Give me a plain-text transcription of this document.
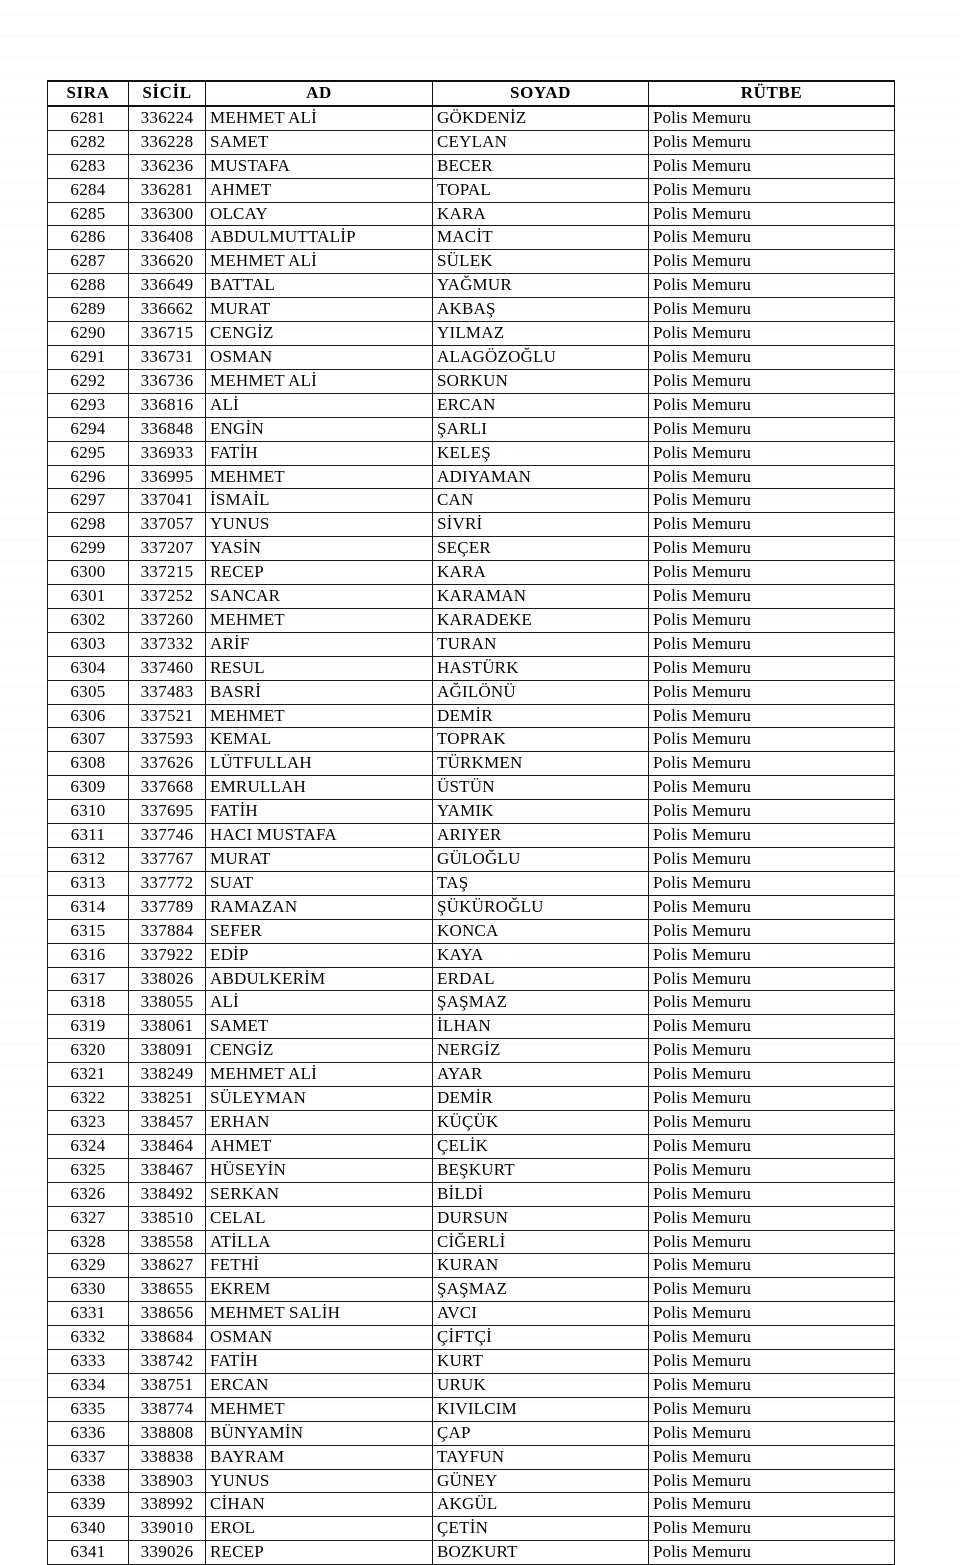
SIRA	SİCİL	AD	SOYAD	RÜTBE
6281	336224	MEHMET ALİ	GÖKDENİZ	Polis Memuru
6282	336228	SAMET	CEYLAN	Polis Memuru
6283	336236	MUSTAFA	BECER	Polis Memuru
6284	336281	AHMET	TOPAL	Polis Memuru
6285	336300	OLCAY	KARA	Polis Memuru
6286	336408	ABDULMUTTALİP	MACİT	Polis Memuru
6287	336620	MEHMET ALİ	SÜLEK	Polis Memuru
6288	336649	BATTAL	YAĞMUR	Polis Memuru
6289	336662	MURAT	AKBAŞ	Polis Memuru
6290	336715	CENGİZ	YILMAZ	Polis Memuru
6291	336731	OSMAN	ALAGÖZOĞLU	Polis Memuru
6292	336736	MEHMET ALİ	SORKUN	Polis Memuru
6293	336816	ALİ	ERCAN	Polis Memuru
6294	336848	ENGİN	ŞARLI	Polis Memuru
6295	336933	FATİH	KELEŞ	Polis Memuru
6296	336995	MEHMET	ADIYAMAN	Polis Memuru
6297	337041	İSMAİL	CAN	Polis Memuru
6298	337057	YUNUS	SİVRİ	Polis Memuru
6299	337207	YASİN	SEÇER	Polis Memuru
6300	337215	RECEP	KARA	Polis Memuru
6301	337252	SANCAR	KARAMAN	Polis Memuru
6302	337260	MEHMET	KARADEKE	Polis Memuru
6303	337332	ARİF	TURAN	Polis Memuru
6304	337460	RESUL	HASTÜRK	Polis Memuru
6305	337483	BASRİ	AĞILÖNÜ	Polis Memuru
6306	337521	MEHMET	DEMİR	Polis Memuru
6307	337593	KEMAL	TOPRAK	Polis Memuru
6308	337626	LÜTFULLAH	TÜRKMEN	Polis Memuru
6309	337668	EMRULLAH	ÜSTÜN	Polis Memuru
6310	337695	FATİH	YAMIK	Polis Memuru
6311	337746	HACI MUSTAFA	ARIYER	Polis Memuru
6312	337767	MURAT	GÜLOĞLU	Polis Memuru
6313	337772	SUAT	TAŞ	Polis Memuru
6314	337789	RAMAZAN	ŞÜKÜROĞLU	Polis Memuru
6315	337884	SEFER	KONCA	Polis Memuru
6316	337922	EDİP	KAYA	Polis Memuru
6317	338026	ABDULKERİM	ERDAL	Polis Memuru
6318	338055	ALİ	ŞAŞMAZ	Polis Memuru
6319	338061	SAMET	İLHAN	Polis Memuru
6320	338091	CENGİZ	NERGİZ	Polis Memuru
6321	338249	MEHMET ALİ	AYAR	Polis Memuru
6322	338251	SÜLEYMAN	DEMİR	Polis Memuru
6323	338457	ERHAN	KÜÇÜK	Polis Memuru
6324	338464	AHMET	ÇELİK	Polis Memuru
6325	338467	HÜSEYİN	BEŞKURT	Polis Memuru
6326	338492	SERKAN	BİLDİ	Polis Memuru
6327	338510	CELAL	DURSUN	Polis Memuru
6328	338558	ATİLLA	CİĞERLİ	Polis Memuru
6329	338627	FETHİ	KURAN	Polis Memuru
6330	338655	EKREM	ŞAŞMAZ	Polis Memuru
6331	338656	MEHMET SALİH	AVCI	Polis Memuru
6332	338684	OSMAN	ÇİFTÇİ	Polis Memuru
6333	338742	FATİH	KURT	Polis Memuru
6334	338751	ERCAN	URUK	Polis Memuru
6335	338774	MEHMET	KIVILCIM	Polis Memuru
6336	338808	BÜNYAMİN	ÇAP	Polis Memuru
6337	338838	BAYRAM	TAYFUN	Polis Memuru
6338	338903	YUNUS	GÜNEY	Polis Memuru
6339	338992	CİHAN	AKGÜL	Polis Memuru
6340	339010	EROL	ÇETİN	Polis Memuru
6341	339026	RECEP	BOZKURT	Polis Memuru
